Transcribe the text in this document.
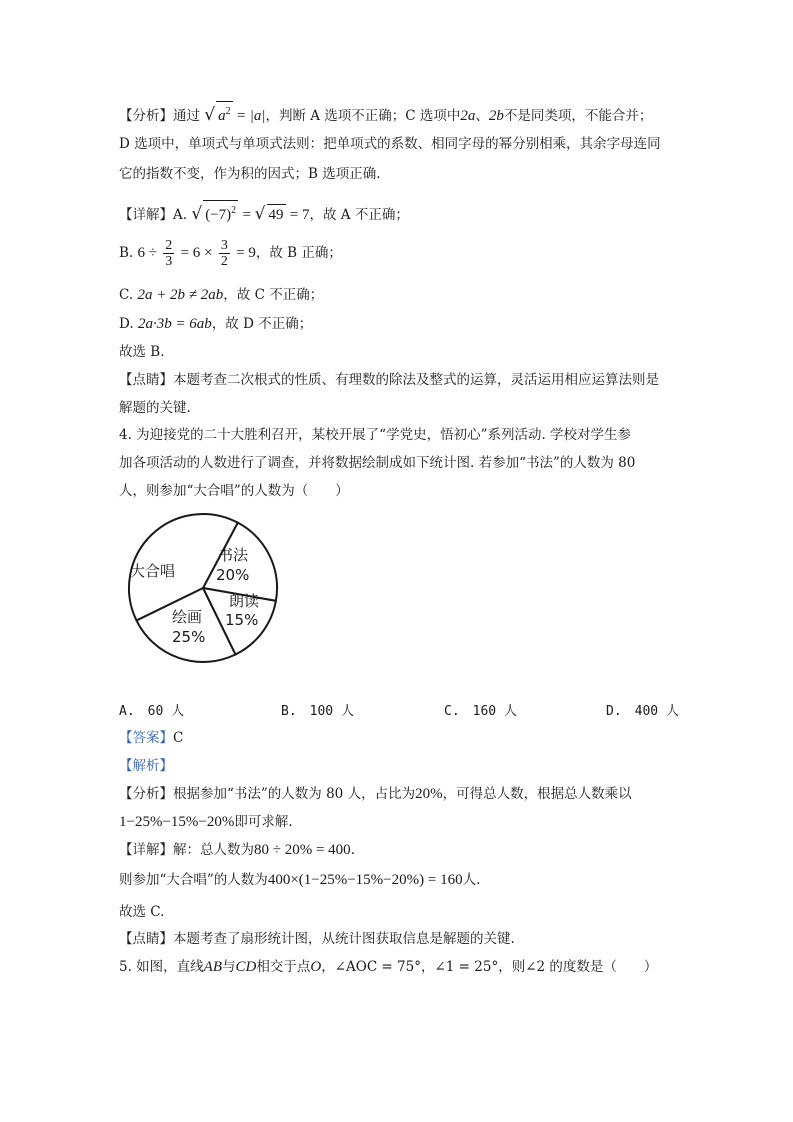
【分析】通过 √ $a^2 = |a|$，判断 A 选项不正确；C 选项中2a、2b不是同类项，不能合并；
D 选项中，单项式与单项式法则：把单项式的系数、相同字母的幂分别相乘，其余字母连同
它的指数不变，作为积的因式；B 选项正确.
【详解】A. √ $(-7)^2$ = √ 49 = 7，故 A 不正确；
B. $6 \div \frac{2}{3} = 6 \times \frac{3}{2} = 9$，故 B 正确；
C. 2a + 2b ≠ 2ab，故 C 不正确；
D. 2a·3b = 6ab，故 D 不正确；
故选 B.
【点睛】本题考查二次根式的性质、有理数的除法及整式的运算，灵活运用相应运算法则是
解题的关键.
4. 为迎接党的二十大胜利召开，某校开展了“学党史，悟初心”系列活动. 学校对学生参
加各项活动的人数进行了调查，并将数据绘制成如下统计图. 若参加“书法”的人数为 80
人，则参加“大合唱”的人数为（　　）
大合唱
书法
20%
朗读
15%
绘画
25%
A.　60 人	B.　100 人	C.　160 人	D.　400 人
【答案】C
【解析】
【分析】根据参加“书法”的人数为 80 人，占比为20%，可得总人数，根据总人数乘以
1−25%−15%−20%即可求解.
【详解】解：总人数为80 ÷ 20% = 400.
则参加“大合唱”的人数为400×(1−25%−15%−20%) = 160人.
故选 C.
【点睛】本题考查了扇形统计图，从统计图获取信息是解题的关键.
5. 如图，直线AB与CD相交于点O，∠AOC = 75°，∠1 = 25°，则∠2 的度数是（　　）
